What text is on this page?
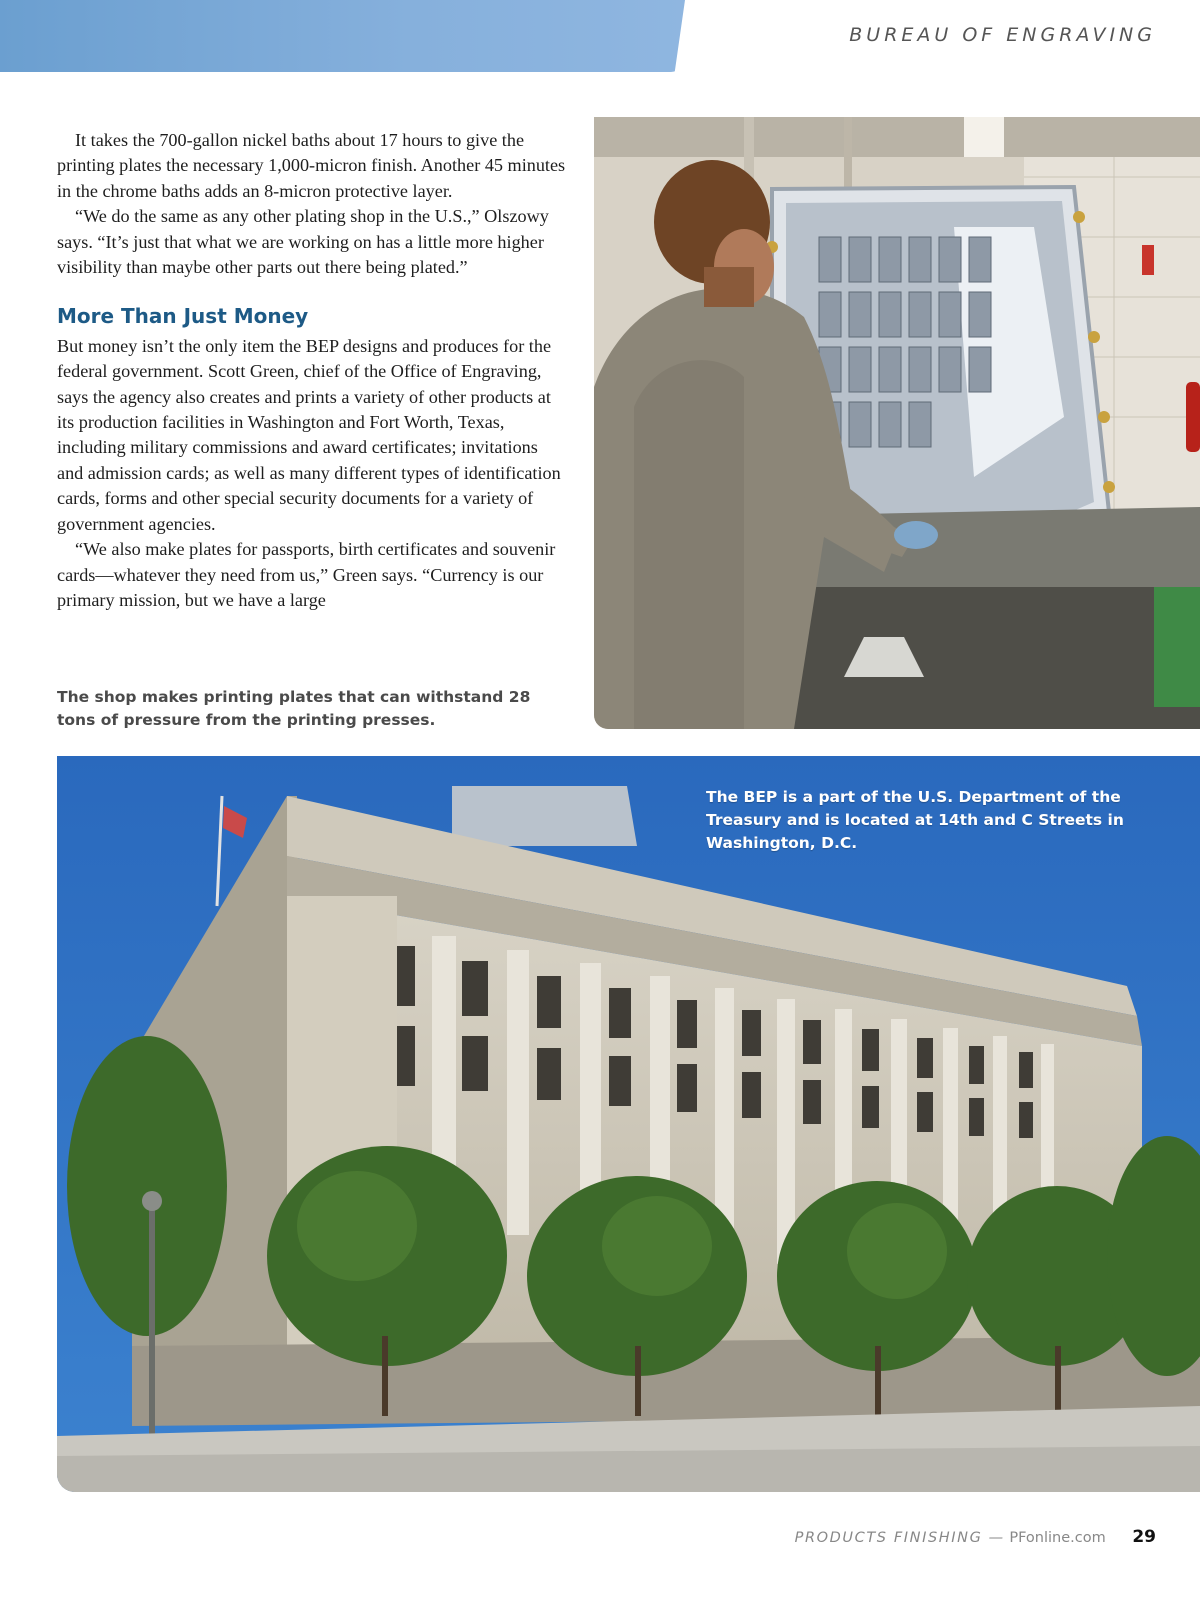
BUREAU OF ENGRAVING

It takes the 700-gallon nickel baths about 17 hours to give the printing plates the necessary 1,000-micron finish. Another 45 minutes in the chrome baths adds an 8-micron protective layer.

“We do the same as any other plating shop in the U.S.,” Olszowy says. “It’s just that what we are working on has a little more higher visibility than maybe other parts out there being plated.”

More Than Just Money

But money isn’t the only item the BEP designs and produces for the federal government. Scott Green, chief of the Office of Engraving, says the agency also creates and prints a variety of other products at its production facilities in Washington and Fort Worth, Texas, including military commissions and award certificates; invitations and admission cards; as well as many different types of identification cards, forms and other special security documents for a variety of government agencies.

“We also make plates for passports, birth certificates and souvenir cards—whatever they need from us,” Green says. “Currency is our primary mission, but we have a large

The shop makes printing plates that can withstand 28 tons of pressure from the printing presses.
The BEP is a part of the U.S. Department of the Treasury and is located at 14th and C Streets in Washington, D.C.
PRODUCTS FINISHING — PFonline.com 29
